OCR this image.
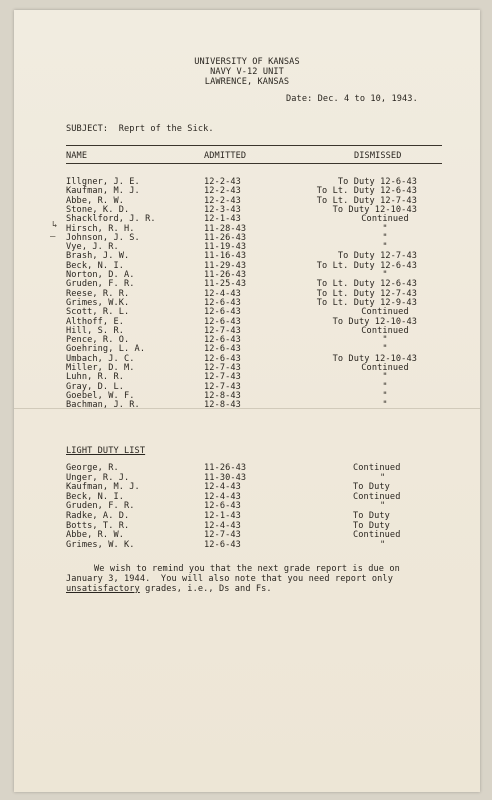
UNIVERSITY OF KANSAS
NAVY V-12 UNIT
LAWRENCE, KANSAS
Date: Dec. 4 to 10, 1943.
SUBJECT:  Reprt of the Sick.
NAME	ADMITTED	DISMISSED
Illgner, J. E.	12-2-43	To Duty 12-6-43
Kaufman, M. J.	12-2-43	To Lt. Duty 12-6-43
Abbe, R. W.	12-2-43	To Lt. Duty 12-7-43
Stone, K. D.	12-3-43	To Duty 12-10-43
Shacklford, J. R.	12-1-43	Continued
Hirsch, R. H.	11-28-43	"
Johnson, J. S.	11-26-43	"
Vye, J. R.	11-19-43	"
Brash, J. W.	11-16-43	To Duty 12-7-43
Beck, N. I.	11-29-43	To Lt. Duty 12-6-43
Norton, D. A.	11-26-43	"
Gruden, F. R.	11-25-43	To Lt. Duty 12-6-43
Reese, R. R.	12-4-43	To Lt. Duty 12-7-43
Grimes, W.K.	12-6-43	To Lt. Duty 12-9-43
Scott, R. L.	12-6-43	Continued
Althoff, E.	12-6-43	To Duty 12-10-43
Hill, S. R.	12-7-43	Continued
Pence, R. O.	12-6-43	"
Goehring, L. A.	12-6-43	"
Umbach, J. C.	12-6-43	To Duty 12-10-43
Miller, D. M.	12-7-43	Continued
Luhn, R. R.	12-7-43	"
Gray, D. L.	12-7-43	"
Goebel, W. F.	12-8-43	"
Bachman, J. R.	12-8-43	"
LIGHT DUTY LIST
George, R.	11-26-43	Continued
Unger, R. J.	11-30-43	"
Kaufman, M. J.	12-4-43	To Duty
Beck, N. I.	12-4-43	Continued
Gruden, F. R.	12-6-43	"
Radke, A. D.	12-1-43	To Duty
Botts, T. R.	12-4-43	To Duty
Abbe, R. W.	12-7-43	Continued
Grimes, W. K.	12-6-43	"
We wish to remind you that the next grade report is due on
January 3, 1944.  You will also note that you need report only
unsatisfactory grades, i.e., Ds and Fs.
↳
—
